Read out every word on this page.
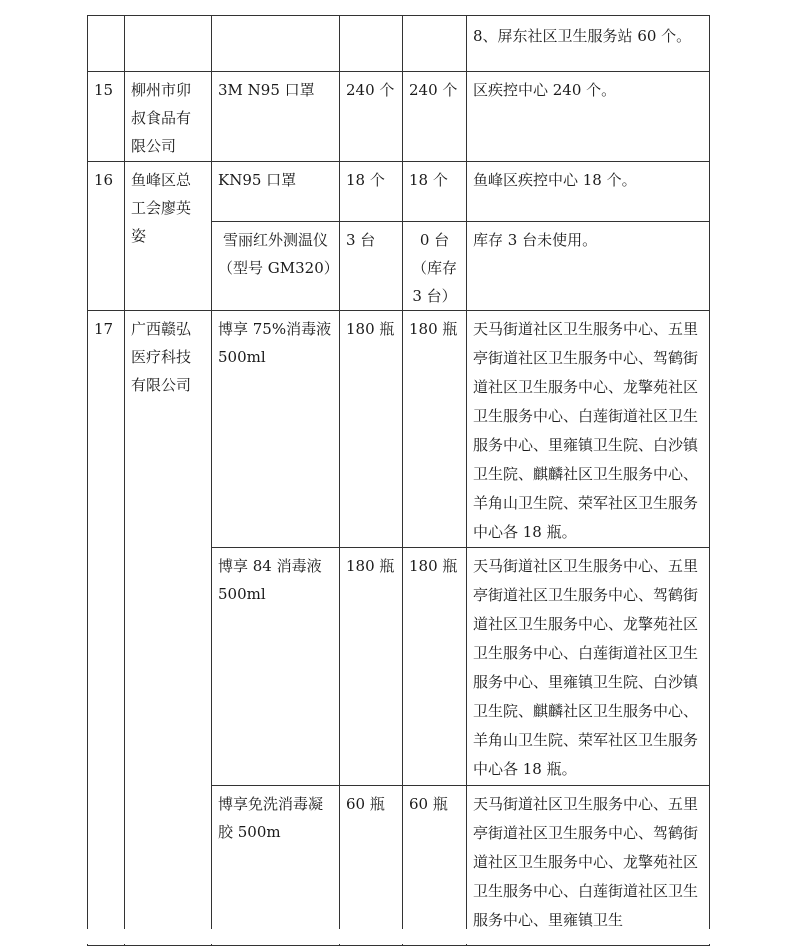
					8、屏东社区卫生服务站 60 个。

15	柳州市卯叔食品有限公司	3M N95 口罩	240 个	240 个	区疾控中心 240 个。

16	鱼峰区总工会廖英姿	KN95 口罩	18 个	18 个	鱼峰区疾控中心 18 个。

		雪丽红外测温仪（型号 GM320）	3 台	0 台（库存 3 台）	库存 3 台未使用。

17	广西赣弘医疗科技有限公司	博享 75%消毒液 500ml	180 瓶	180 瓶	天马街道社区卫生服务中心、五里亭街道社区卫生服务中心、驾鹤街道社区卫生服务中心、龙擎苑社区卫生服务中心、白莲街道社区卫生服务中心、里雍镇卫生院、白沙镇卫生院、麒麟社区卫生服务中心、羊角山卫生院、荣军社区卫生服务中心各 18 瓶。

		博享 84 消毒液 500ml	180 瓶	180 瓶	天马街道社区卫生服务中心、五里亭街道社区卫生服务中心、驾鹤街道社区卫生服务中心、龙擎苑社区卫生服务中心、白莲街道社区卫生服务中心、里雍镇卫生院、白沙镇卫生院、麒麟社区卫生服务中心、羊角山卫生院、荣军社区卫生服务中心各 18 瓶。

		博享免洗消毒凝胶 500m	60 瓶	60 瓶	天马街道社区卫生服务中心、五里亭街道社区卫生服务中心、驾鹤街道社区卫生服务中心、龙擎苑社区卫生服务中心、白莲街道社区卫生服务中心、里雍镇卫生
